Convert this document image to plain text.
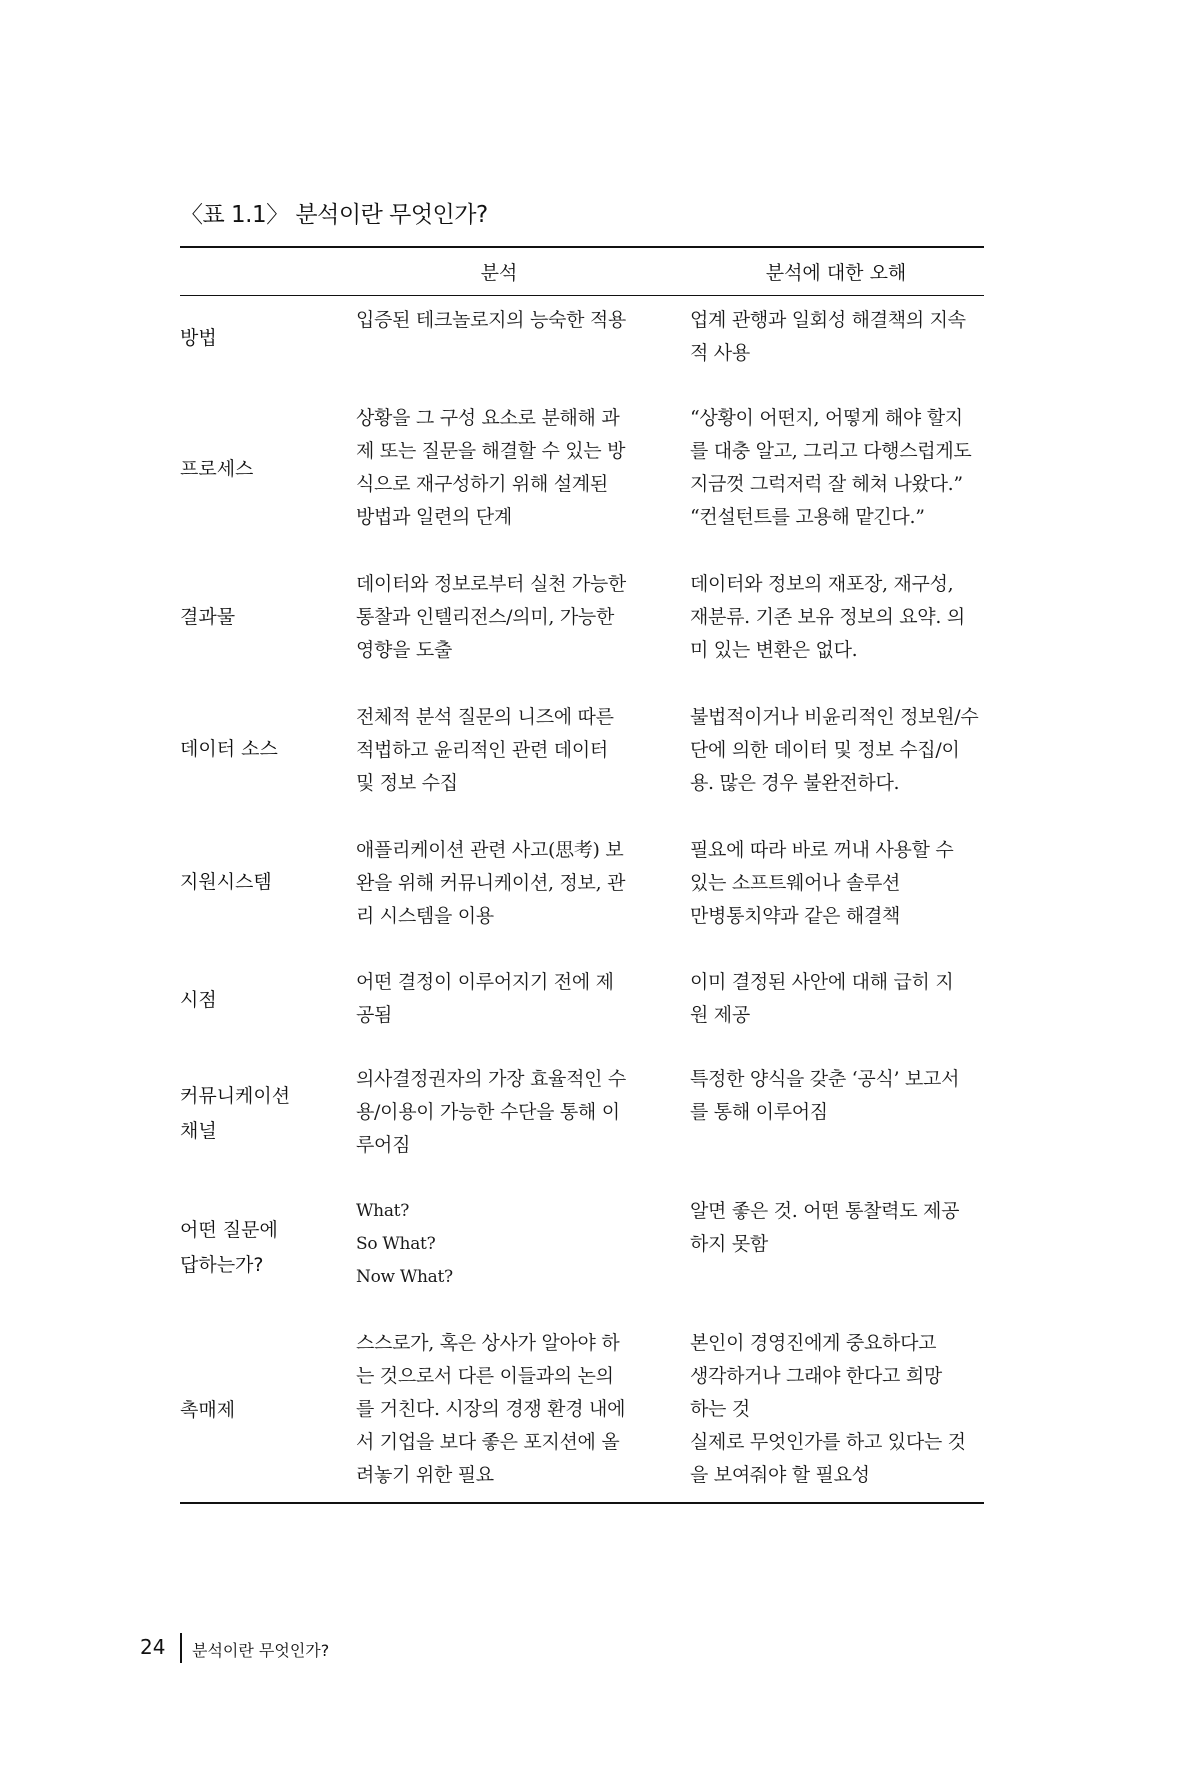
〈표 1.1〉 분석이란 무엇인가?
분석	분석에 대한 오해
방법
입증된 테크놀로지의 능숙한 적용	업계 관행과 일회성 해결책의 지속
적 사용
프로세스
상황을 그 구성 요소로 분해해 과
제 또는 질문을 해결할 수 있는 방
식으로 재구성하기 위해 설계된
방법과 일련의 단계
“상황이 어떤지, 어떻게 해야 할지
를 대충 알고, 그리고 다행스럽게도
지금껏 그럭저럭 잘 헤쳐 나왔다.”
“컨설턴트를 고용해 맡긴다.”
결과물
데이터와 정보로부터 실천 가능한
통찰과 인텔리전스/의미, 가능한
영향을 도출
데이터와 정보의 재포장, 재구성,
재분류. 기존 보유 정보의 요약. 의
미 있는 변환은 없다.
데이터 소스
전체적 분석 질문의 니즈에 따른
적법하고 윤리적인 관련 데이터
및 정보 수집
불법적이거나 비윤리적인 정보원/수
단에 의한 데이터 및 정보 수집/이
용. 많은 경우 불완전하다.
지원시스템
애플리케이션 관련 사고(思考) 보
완을 위해 커뮤니케이션, 정보, 관
리 시스템을 이용
필요에 따라 바로 꺼내 사용할 수
있는 소프트웨어나 솔루션
만병통치약과 같은 해결책
시점
어떤 결정이 이루어지기 전에 제
공됨
이미 결정된 사안에 대해 급히 지
원 제공
커뮤니케이션
채널
의사결정권자의 가장 효율적인 수
용/이용이 가능한 수단을 통해 이
루어짐
특정한 양식을 갖춘 ‘공식’ 보고서
를 통해 이루어짐
어떤 질문에
답하는가?
What?
So What?
Now What?
알면 좋은 것. 어떤 통찰력도 제공
하지 못함
촉매제
스스로가, 혹은 상사가 알아야 하
는 것으로서 다른 이들과의 논의
를 거친다. 시장의 경쟁 환경 내에
서 기업을 보다 좋은 포지션에 올
려놓기 위한 필요
본인이 경영진에게 중요하다고
생각하거나 그래야 한다고 희망
하는 것
실제로 무엇인가를 하고 있다는 것
을 보여줘야 할 필요성
24 분석이란 무엇인가?
